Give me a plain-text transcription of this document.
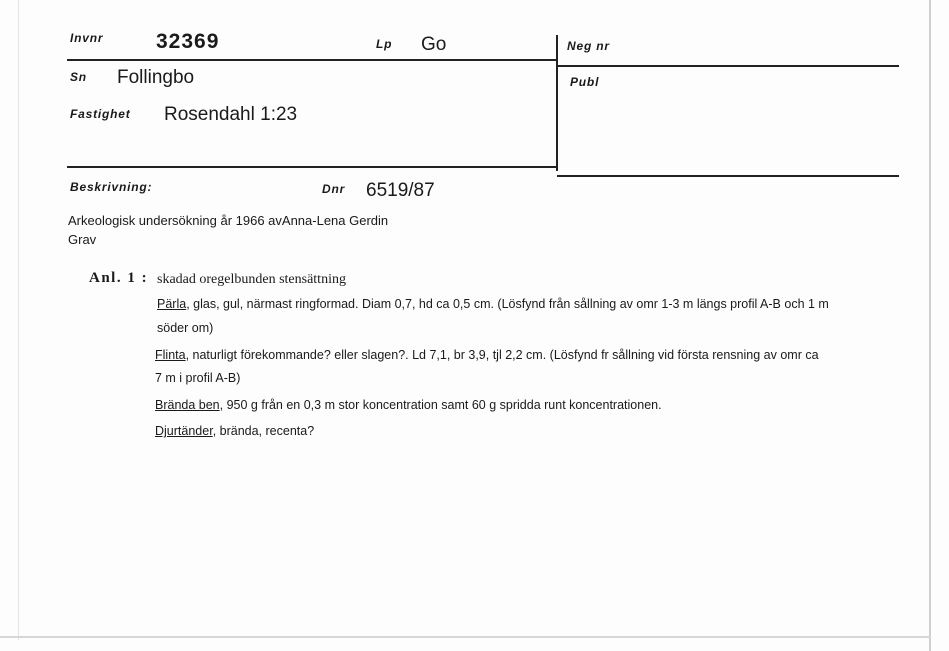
Invnr	32369	Lp Go	Neg nr
Sn Follingbo	Publ
Fastighet Rosendahl 1:23
Beskrivning:	Dnr 6519/87
Arkeologisk undersökning år 1966 avAnna-Lena Gerdin
Grav
Anl. 1 : skadad oregelbunden stensättning
Pärla, glas, gul, närmast ringformad. Diam 0,7, hd ca 0,5 cm. (Lösfynd från sållning av omr 1-3 m längs profil A-B och 1 m
söder om)
Flinta, naturligt förekommande? eller slagen?. Ld 7,1, br 3,9, tjl 2,2 cm. (Lösfynd fr sållning vid första rensning av omr ca
7 m i profil A-B)
Brända ben, 950 g från en 0,3 m stor koncentration samt 60 g spridda runt koncentrationen.
Djurtänder, brända, recenta?
